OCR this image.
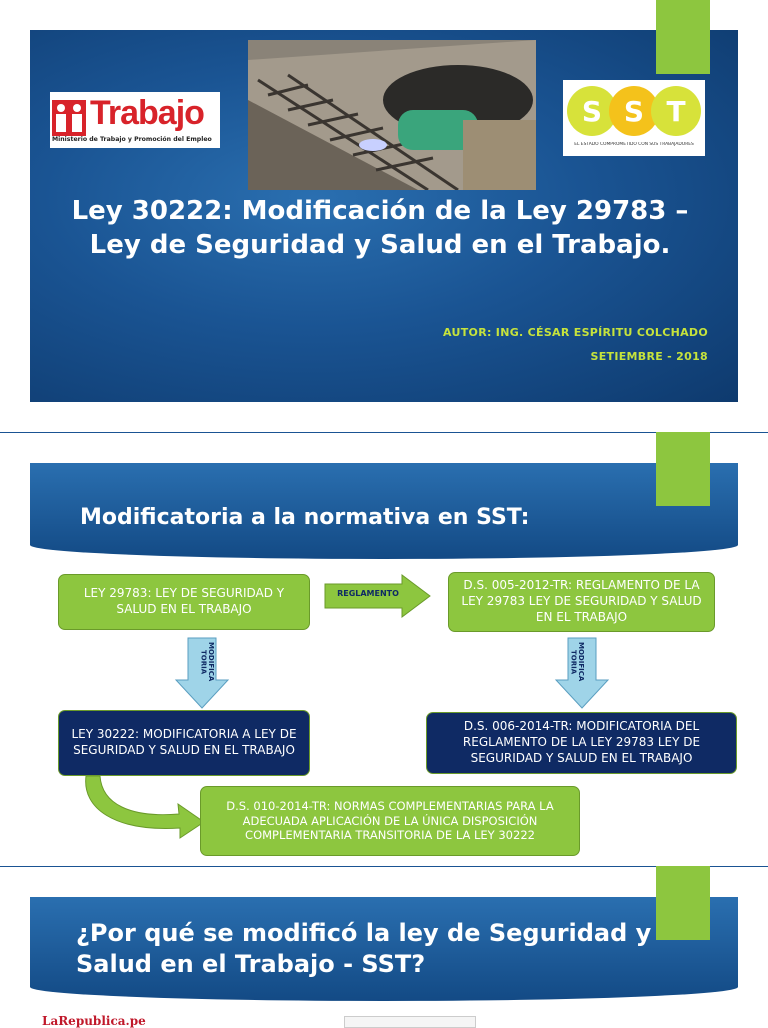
Trabajo
Ministerio de Trabajo y Promoción del Empleo
S S T
EL ESTADO COMPROMETIDO CON SUS TRABAJADORES
Ley 30222: Modificación de la Ley 29783 – Ley de Seguridad y Salud en el Trabajo.
AUTOR: ING. CÉSAR ESPÍRITU COLCHADO
SETIEMBRE - 2018
Modificatoria a la normativa en SST:
LEY 29783: LEY DE SEGURIDAD Y SALUD EN EL TRABAJO
REGLAMENTO
D.S. 005-2012-TR: REGLAMENTO DE LA LEY 29783 LEY DE SEGURIDAD Y SALUD EN EL TRABAJO
MODIFICA TORIA	MODIFICA TORIA
LEY 30222: MODIFICATORIA A LEY DE SEGURIDAD Y SALUD EN EL TRABAJO
D.S. 006-2014-TR: MODIFICATORIA DEL REGLAMENTO DE LA LEY 29783 LEY DE SEGURIDAD Y SALUD EN EL TRABAJO
D.S. 010-2014-TR: NORMAS COMPLEMENTARIAS PARA LA ADECUADA APLICACIÓN DE LA ÚNICA DISPOSICIÓN COMPLEMENTARIA TRANSITORIA DE LA LEY 30222
¿Por qué se modificó la ley de Seguridad y Salud en el Trabajo - SST?
LaRepublica.pe
